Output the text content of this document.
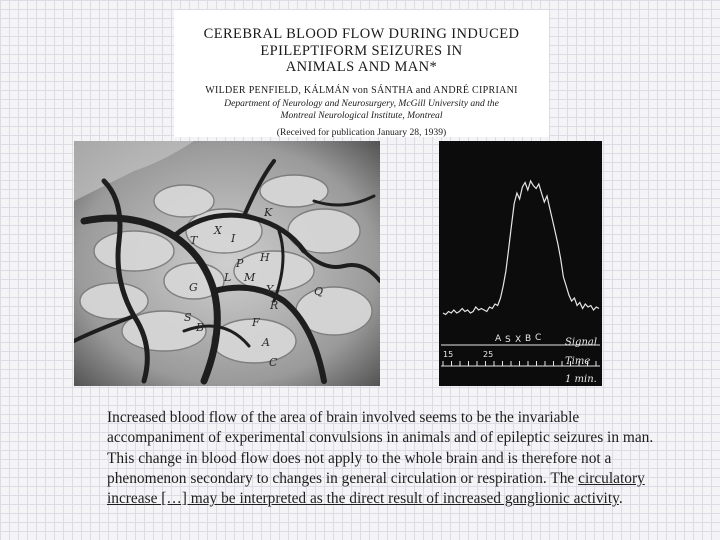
CEREBRAL BLOOD FLOW DURING INDUCED
EPILEPTIFORM SEIZURES IN
ANIMALS AND MAN*
WILDER PENFIELD, KÁLMÁN von SÁNTHA and ANDRÉ CIPRIANI
Department of Neurology and Neurosurgery, McGill University and the
Montreal Neurological Institute, Montreal
(Received for publication January 28, 1939)
T
X
I
H
P
L M
K
Y
R
G
B
S
Q
A
F
C
A S X B C Signal
Time
15	25
1 min.
Increased blood flow of the area of brain involved seems to be the invariable accompaniment of experimental convulsions in animals and of epileptic seizures in man. This change in blood flow does not apply to the whole brain and is therefore not a phenomenon secondary to changes in general circulation or respiration. The circulatory increase […] may be interpreted as the direct result of increased ganglionic activity.
